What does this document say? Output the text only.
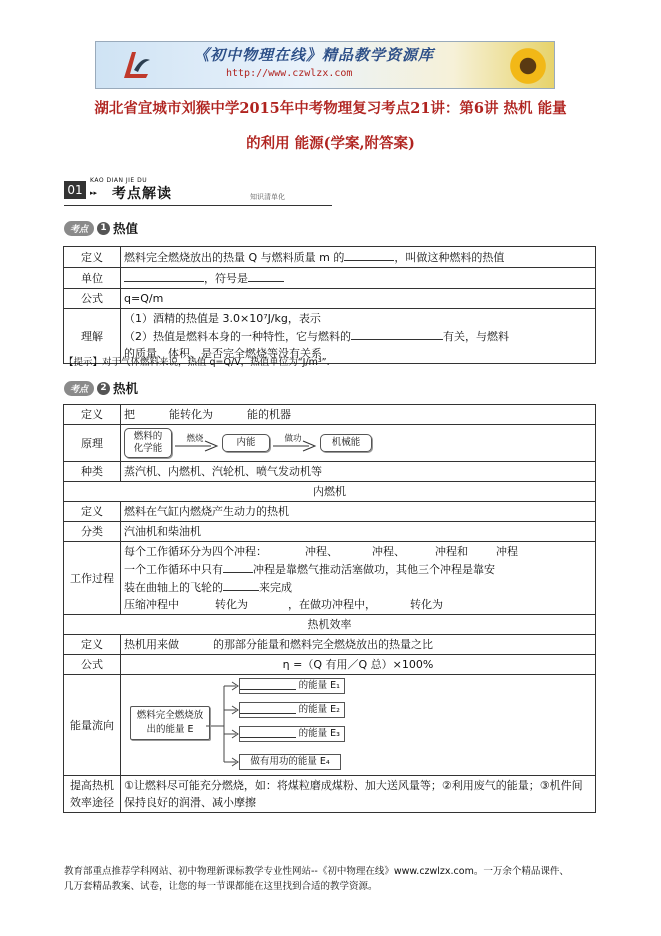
《初中物理在线》精品教学资源库
http://www.czwlzx.com
湖北省宜城市刘猴中学2015年中考物理复习考点21讲：第6讲 热机 能量
的利用 能源(学案,附答案)
01
KAO DIAN JIE DU
▸▸ 考点解读	知识清单化
考点	1 热值
定义	燃料完全燃烧放出的热量 Q 与燃料质量 m 的 ，叫做这种燃料的热值
单位	，符号是
公式	q=Q/m
理解	（1）酒精的热值是 3.0×10⁷J/kg，表示
（2）热值是燃料本身的一种特性，它与燃料的 有关，与燃料
的质量、体积、是否完全燃烧等没有关系
【提示】对于气体燃料来说，热值 q=Q/V，热值单位为“J/m³”.
考点	2 热机
定义	把 能转化为 能的机器
原理	燃料的化学能
燃烧 内能 做功 机械能

种类	蒸汽机、内燃机、汽轮机、喷气发动机等
内燃机	
定义	燃料在气缸内燃烧产生动力的热机
分类	汽油机和柴油机
工作过程	每个工作循环分为四个冲程： 冲程、 冲程、 冲程和 冲程
一个工作循环中只有 冲程是靠燃气推动活塞做功，其他三个冲程是靠安
装在曲轴上的飞轮的 来完成
压缩冲程中 转化为 ，在做功冲程中， 转化为

热机效率	
定义	热机用来做 的那部分能量和燃料完全燃烧放出的热量之比
公式	η =（Q 有用／Q 总）×100%
能量流向	燃料完全燃烧放出的能量 E
的能量 E₁
的能量 E₂
的能量 E₃
做有用功的能量 E₄

提高热机效率途径	①让燃料尽可能充分燃烧，如：将煤粒磨成煤粉、加大送风量等；②利用废气的能量；③机件间保持良好的润滑、减小摩擦
教育部重点推荐学科网站、初中物理新课标教学专业性网站--《初中物理在线》www.czwlzx.com。一万余个精品课件、
几万套精品教案、试卷，让您的每一节课都能在这里找到合适的教学资源。
